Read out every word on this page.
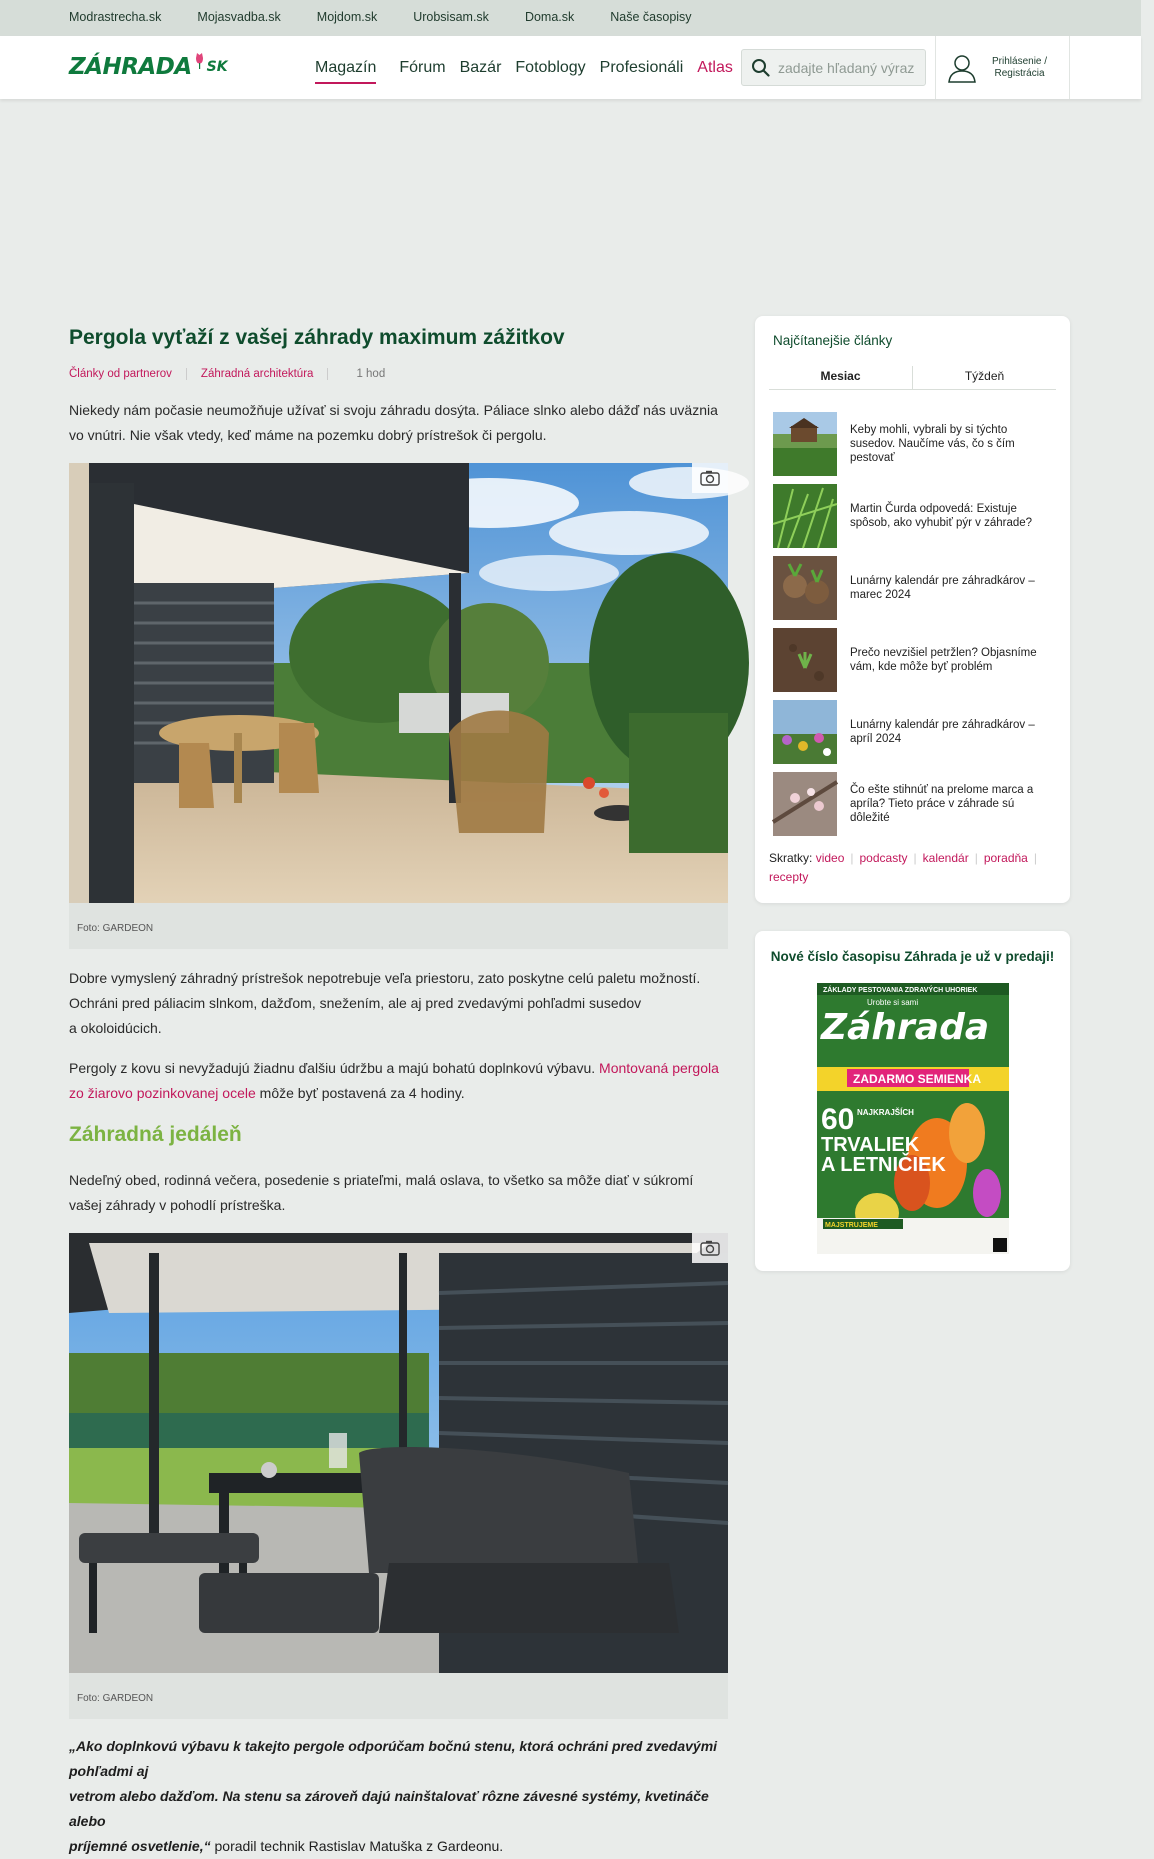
Modrastrecha.sk	Mojasvadba.sk	Mojdom.sk	Urobsisam.sk	Doma.sk	Naše časopisy
ZÁHRADA SK	Magazín Fórum Bazár Fotoblogy Profesionáli Atlas
zadajte hľadaný výraz	Prihlásenie /
Registrácia
Pergola vyťaží z vašej záhrady maximum zážitkov
Články od partnerov	Záhradná architektúra	1 hod

Niekedy nám počasie neumožňuje užívať si svoju záhradu dosýta. Páliace slnko alebo dážď nás uväznia vo vnútri. Nie však vtedy, keď máme na pozemku dobrý prístrešok či pergolu.

Foto: GARDEON
Dobre vymyslený záhradný prístrešok nepotrebuje veľa priestoru, zato poskytne celú paletu možností.
Ochráni pred páliacim slnkom, dažďom, snežením, ale aj pred zvedavými pohľadmi susedov
a okoloidúcich.

Pergoly z kovu si nevyžadujú žiadnu ďalšiu údržbu a majú bohatú doplnkovú výbavu. Montovaná pergola zo žiarovo pozinkovanej ocele môže byť postavená za 4 hodiny.

Záhradná jedáleň

Nedeľný obed, rodinná večera, posedenie s priateľmi, malá oslava, to všetko sa môže diať v súkromí vašej záhrady v pohodlí prístreška.

Foto: GARDEON
„Ako doplnkovú výbavu k takejto pergole odporúčam bočnú stenu, ktorá ochráni pred zvedavými pohľadmi aj
vetrom alebo dažďom. Na stenu sa zároveň dajú nainštalovať rôzne závesné systémy, kvetináče alebo
príjemné osvetlenie,“ poradil technik Rastislav Matuška z Gardeonu.
Najčítanejšie články
Mesiac	Týždeň
Keby mohli, vybrali by si týchto susedov. Naučíme vás, čo s čím pestovať
Martin Čurda odpovedá: Existuje spôsob, ako vyhubiť pýr v záhrade?
Lunárny kalendár pre záhradkárov – marec 2024
Prečo nevzišiel petržlen? Objasníme vám, kde môže byť problém
Lunárny kalendár pre záhradkárov – apríl 2024
Čo ešte stihnúť na prelome marca a apríla? Tieto práce v záhrade sú dôležité
Skratky: video | podcasty | kalendár | poradňa |
recepty
Nové číslo časopisu Záhrada je už v predaji!
ZÁKLADY PESTOVANIA ZDRAVÝCH UHORIEK
Urobte si sami
Záhrada
ZADARMO SEMIENKA
60 NAJKRAJŠÍCH
TRVALIEK
A LETNIČIEK
MAJSTRUJEME
